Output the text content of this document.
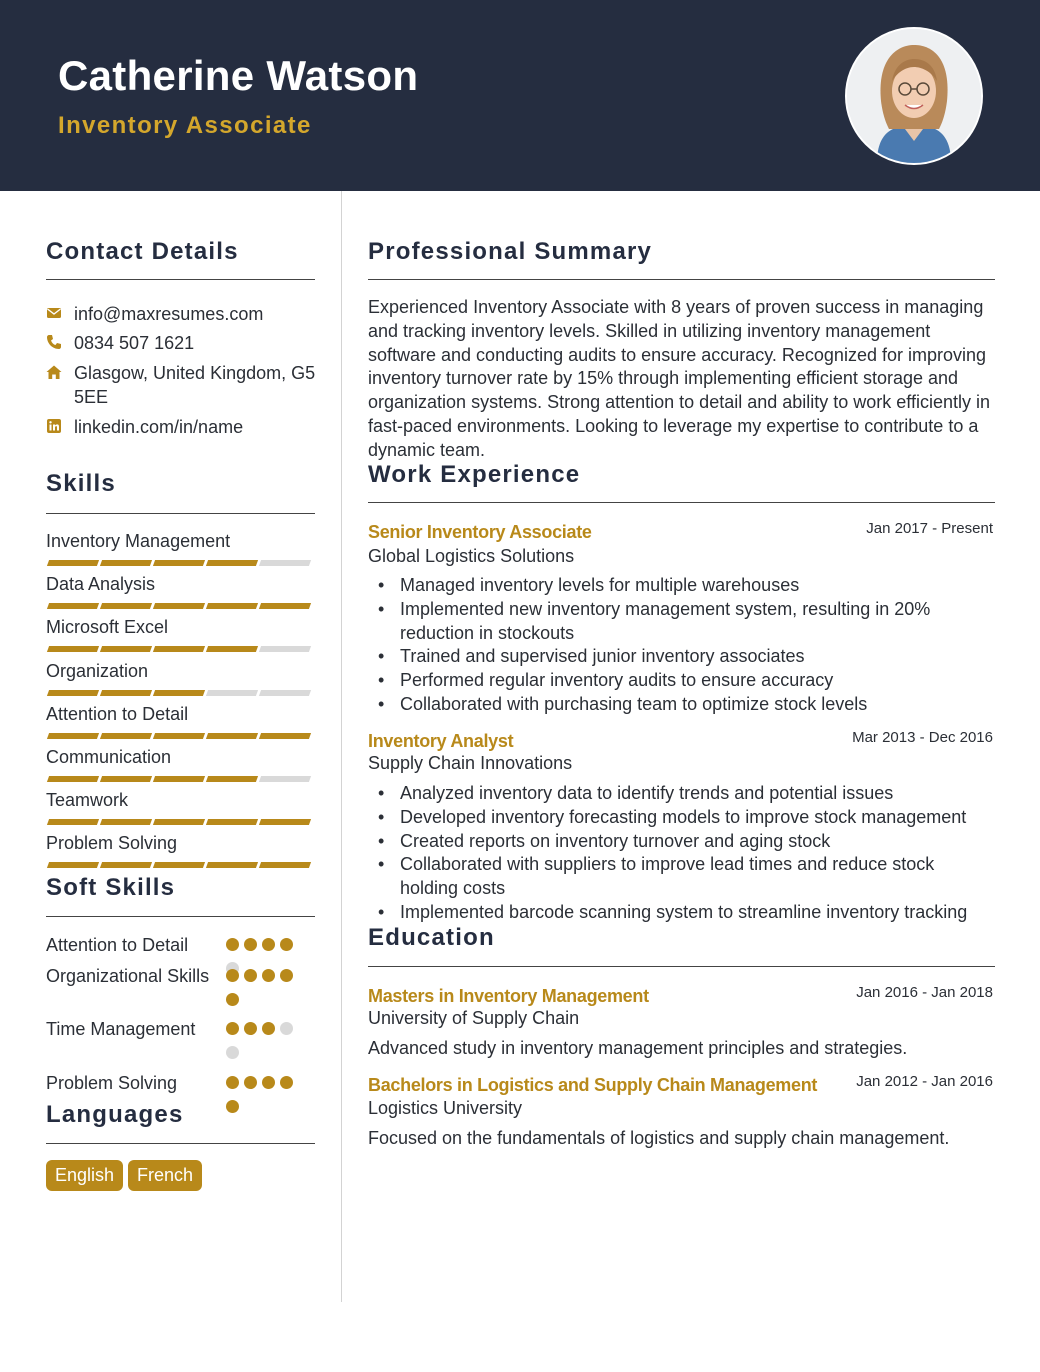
Catherine Watson
Inventory Associate
Contact Details
info@maxresumes.com
0834 507 1621
Glasgow, United Kingdom, G5 5EE
linkedin.com/in/name
Skills
Inventory Management
Data Analysis
Microsoft Excel
Organization
Attention to Detail
Communication
Teamwork
Problem Solving
Soft Skills
Attention to Detail
Organizational Skills
Time Management
Problem Solving
Languages
English	French
Professional Summary
Experienced Inventory Associate with 8 years of proven success in managing and tracking inventory levels. Skilled in utilizing inventory management software and conducting audits to ensure accuracy. Recognized for improving inventory turnover rate by 15% through implementing efficient storage and organization systems. Strong attention to detail and ability to work efficiently in fast-paced environments. Looking to leverage my expertise to contribute to a dynamic team.
Work Experience
Senior Inventory Associate	Jan 2017 - Present
Global Logistics Solutions
• Managed inventory levels for multiple warehouses
• Implemented new inventory management system, resulting in 20% reduction in stockouts
• Trained and supervised junior inventory associates
• Performed regular inventory audits to ensure accuracy
• Collaborated with purchasing team to optimize stock levels
Inventory Analyst	Mar 2013 - Dec 2016
Supply Chain Innovations
• Analyzed inventory data to identify trends and potential issues
• Developed inventory forecasting models to improve stock management
• Created reports on inventory turnover and aging stock
• Collaborated with suppliers to improve lead times and reduce stock holding costs
• Implemented barcode scanning system to streamline inventory tracking
Education
Masters in Inventory Management	Jan 2016 - Jan 2018
University of Supply Chain
Advanced study in inventory management principles and strategies.
Bachelors in Logistics and Supply Chain Management	Jan 2012 - Jan 2016
Logistics University
Focused on the fundamentals of logistics and supply chain management.
